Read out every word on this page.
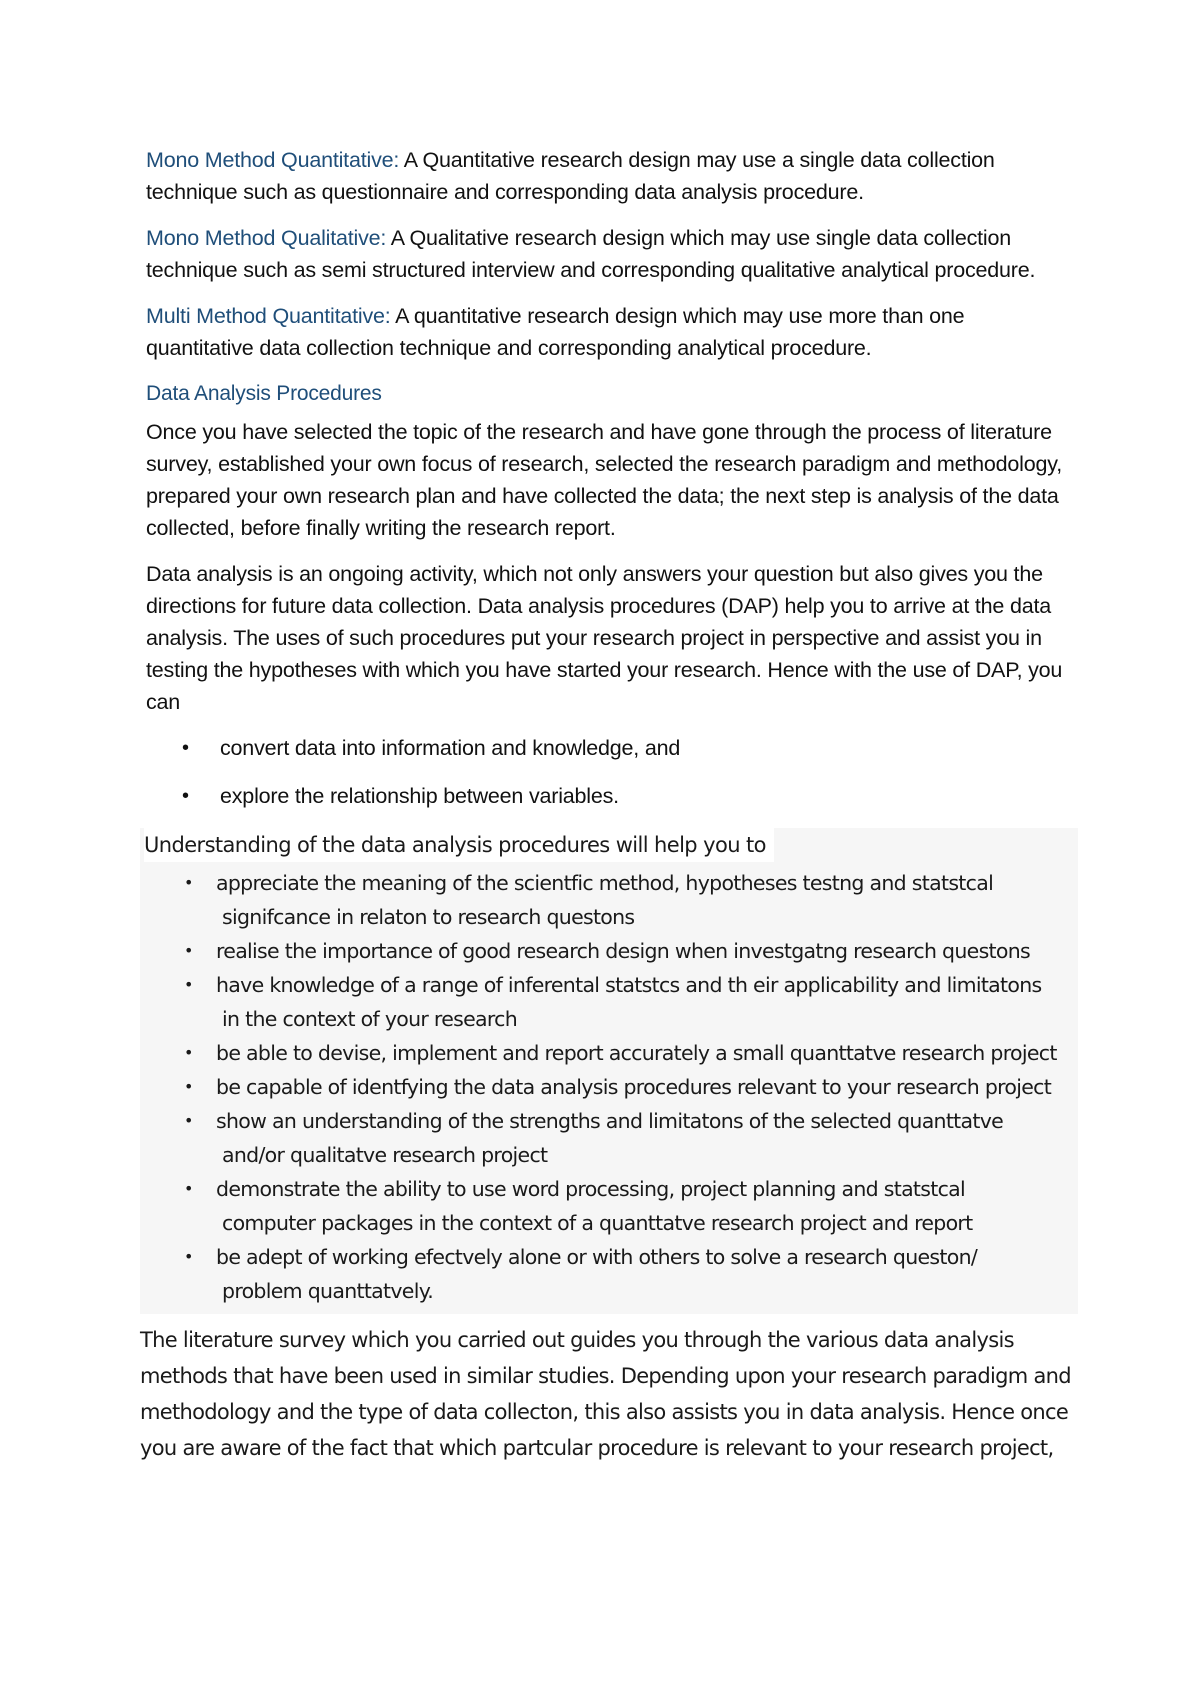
Mono Method Quantitative: A Quantitative research design may use a single data collection technique such as questionnaire and corresponding data analysis procedure.

Mono Method Qualitative: A Qualitative research design which may use single data collection technique such as semi structured interview and corresponding qualitative analytical procedure.

Multi Method Quantitative: A quantitative research design which may use more than one quantitative data collection technique and corresponding analytical procedure.

Data Analysis Procedures

Once you have selected the topic of the research and have gone through the process of literature survey, established your own focus of research, selected the research paradigm and methodology, prepared your own research plan and have collected the data; the next step is analysis of the data collected, before finally writing the research report.

Data analysis is an ongoing activity, which not only answers your question but also gives you the directions for future data collection. Data analysis procedures (DAP) help you to arrive at the data analysis. The uses of such procedures put your research project in perspective and assist you in testing the hypotheses with which you have started your research. Hence with the use of DAP, you can

• convert data into information and knowledge, and
• explore the relationship between variables.

Understanding of the data analysis procedures will help you to

• appreciate the meaning of the scientfic method, hypotheses testng and statstcal
signifcance in relaton to research questons
• realise the importance of good research design when investgatng research questons
• have knowledge of a range of inferental statstcs and th eir applicability and limitatons
in the context of your research
• be able to devise, implement and report accurately a small quanttatve research project
• be capable of identfying the data analysis procedures relevant to your research project
• show an understanding of the strengths and limitatons of the selected quanttatve
and/or qualitatve research project
• demonstrate the ability to use word processing, project planning and statstcal
computer packages in the context of a quanttatve research project and report
• be adept of working efectvely alone or with others to solve a research queston/
problem quanttatvely.

The literature survey which you carried out guides you through the various data analysis methods that have been used in similar studies. Depending upon your research paradigm and methodology and the type of data collecton, this also assists you in data analysis. Hence once you are aware of the fact that which partcular procedure is relevant to your research project,
